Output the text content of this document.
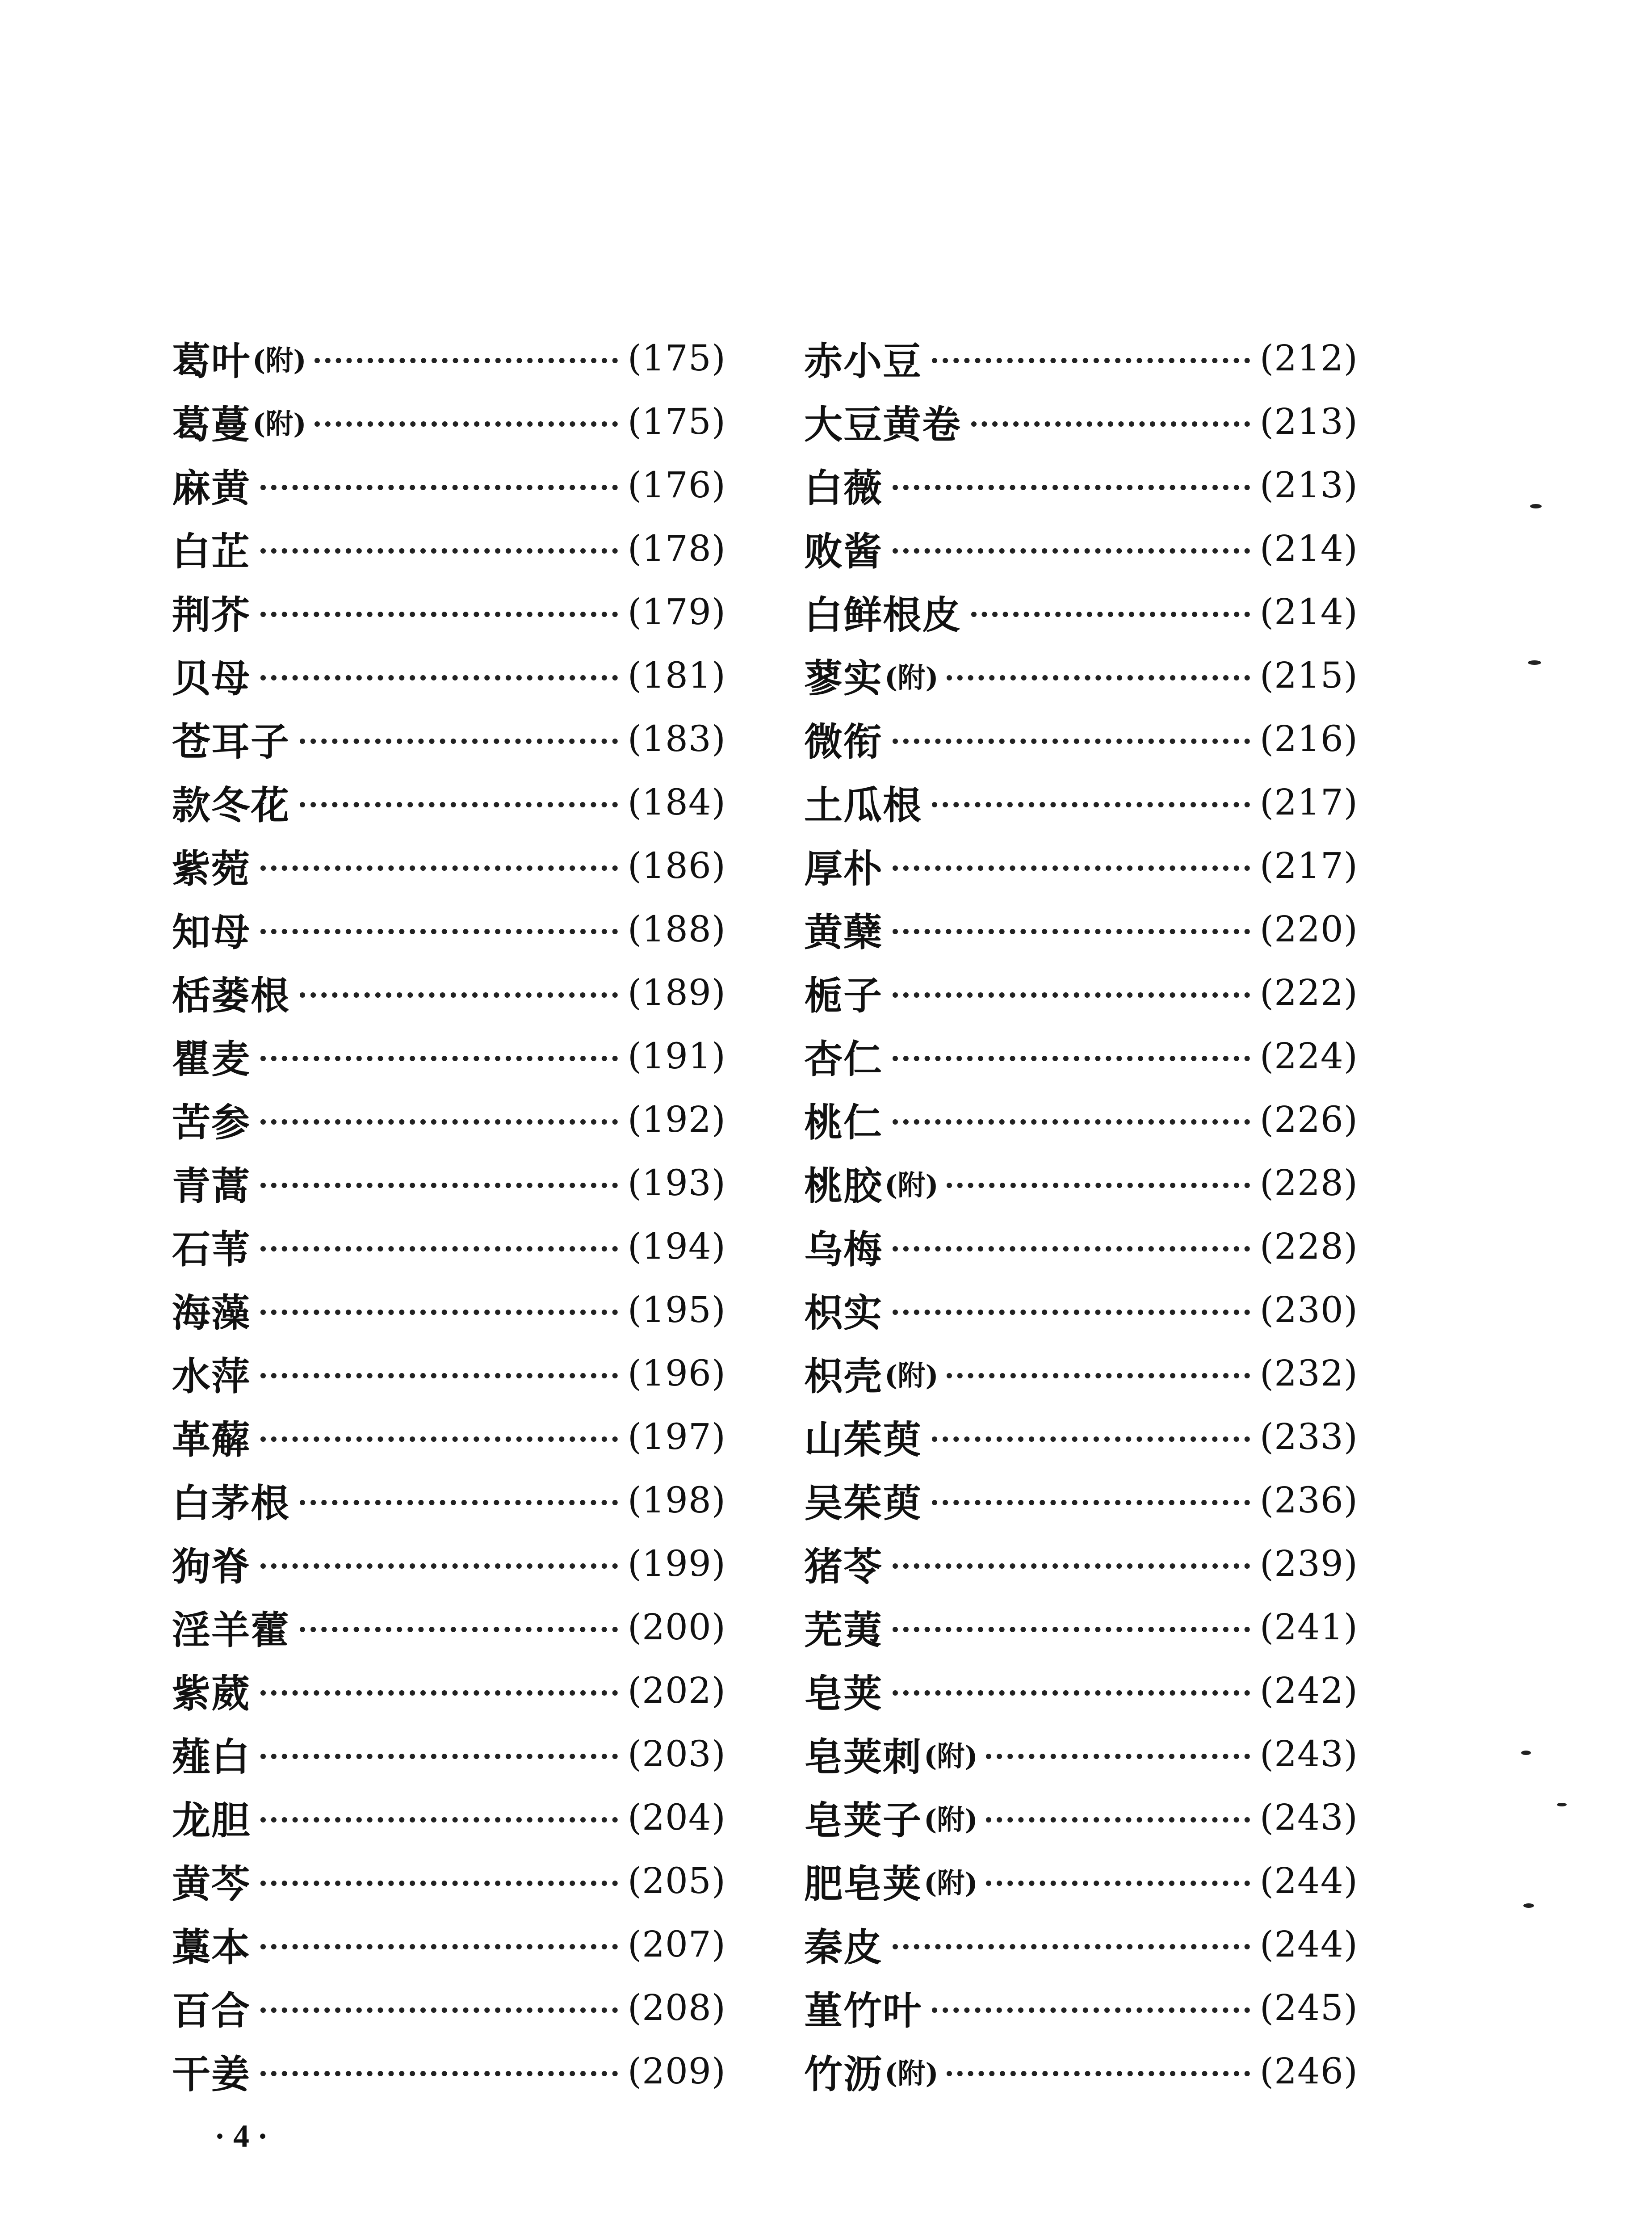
葛叶 (附)	(175)
葛蔓 (附)	(175)
麻黄	(176)
白芷	(178)
荆芥	(179)
贝母	(181)
苍耳子	(183)
款冬花	(184)
紫菀	(186)
知母	(188)
栝蒌根	(189)
瞿麦	(191)
苦参	(192)
青蒿	(193)
石苇	(194)
海藻	(195)
水萍	(196)
革薢	(197)
白茅根	(198)
狗脊	(199)
淫羊藿	(200)
紫葳	(202)
薤白	(203)
龙胆	(204)
黄芩	(205)
藁本	(207)
百合	(208)
干姜	(209)
赤小豆	(212)
大豆黄卷	(213)
白薇	(213)
败酱	(214)
白鲜根皮	(214)
蓼实 (附)	(215)
微衔	(216)
土瓜根	(217)
厚朴	(217)
黄蘖	(220)
栀子	(222)
杏仁	(224)
桃仁	(226)
桃胶 (附)	(228)
乌梅	(228)
枳实	(230)
枳壳 (附)	(232)
山茱萸	(233)
吴茱萸	(236)
猪苓	(239)
芜荑	(241)
皂荚	(242)
皂荚刺 (附)	(243)
皂荚子 (附)	(243)
肥皂荚 (附)	(244)
秦皮	(244)
堇竹叶	(245)
竹沥 (附)	(246)
· 4 ·
